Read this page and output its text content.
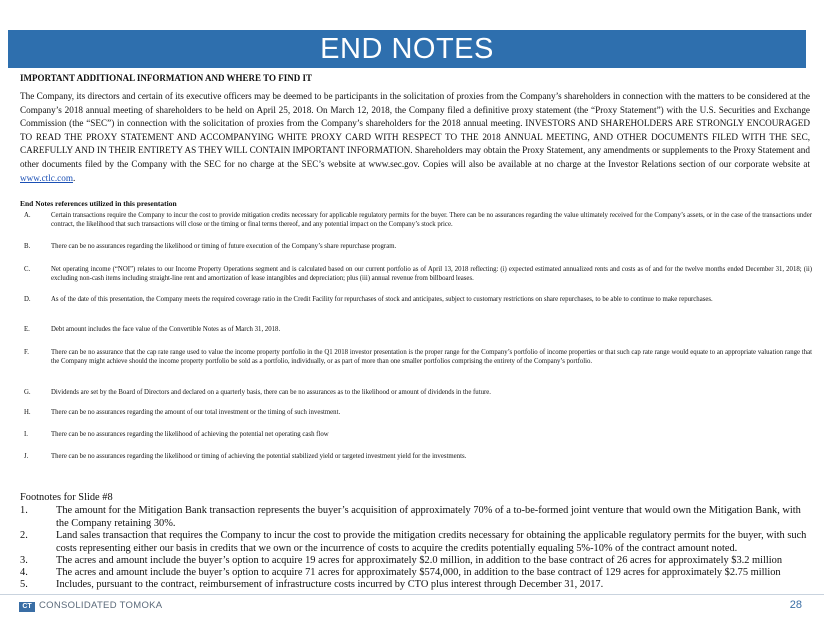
END NOTES
IMPORTANT ADDITIONAL INFORMATION AND WHERE TO FIND IT
The Company, its directors and certain of its executive officers may be deemed to be participants in the solicitation of proxies from the Company’s shareholders in connection with the matters to be considered at the Company’s 2018 annual meeting of shareholders to be held on April 25, 2018. On March 12, 2018, the Company filed a definitive proxy statement (the “Proxy Statement”) with the U.S. Securities and Exchange Commission (the “SEC”) in connection with the solicitation of proxies from the Company’s shareholders for the 2018 annual meeting. INVESTORS AND SHAREHOLDERS ARE STRONGLY ENCOURAGED TO READ THE PROXY STATEMENT AND ACCOMPANYING WHITE PROXY CARD WITH RESPECT TO THE 2018 ANNUAL MEETING, AND OTHER DOCUMENTS FILED WITH THE SEC, CAREFULLY AND IN THEIR ENTIRETY AS THEY WILL CONTAIN IMPORTANT INFORMATION. Shareholders may obtain the Proxy Statement, any amendments or supplements to the Proxy Statement and other documents filed by the Company with the SEC for no charge at the SEC’s website at www.sec.gov. Copies will also be available at no charge at the Investor Relations section of our corporate website at www.ctlc.com.
End Notes references utilized in this presentation
A.	Certain transactions require the Company to incur the cost to provide mitigation credits necessary for applicable regulatory permits for the buyer. There can be no assurances regarding the value ultimately received for the Company’s assets, or in the case of the transactions under contract, the likelihood that such transactions will close or the timing or final terms thereof, and any potential impact on the Company’s stock price.
B.	There can be no assurances regarding the likelihood or timing of future execution of the Company’s share repurchase program.
C.	Net operating income (“NOI”) relates to our Income Property Operations segment and is calculated based on our current portfolio as of April 13, 2018 reflecting: (i) expected estimated annualized rents and costs as of and for the twelve months ended December 31, 2018; (ii) excluding non-cash items including straight-line rent and amortization of lease intangibles and depreciation; plus (iii) annual revenue from billboard leases.
D.	As of the date of this presentation, the Company meets the required coverage ratio in the Credit Facility for repurchases of stock and anticipates, subject to customary restrictions on share repurchases, to be able to continue to make repurchases.
E.	Debt amount includes the face value of the Convertible Notes as of March 31, 2018.
F.	There can be no assurance that the cap rate range used to value the income property portfolio in the Q1 2018 investor presentation is the proper range for the Company’s portfolio of income properties or that such cap rate range would equate to an appropriate valuation range that the Company might achieve should the income property portfolio be sold as a portfolio, individually, or as part of more than one smaller portfolios comprising the entirety of the Company’s portfolio.
G.	Dividends are set by the Board of Directors and declared on a quarterly basis, there can be no assurances as to the likelihood or amount of dividends in the future.
H.	There can be no assurances regarding the amount of our total investment or the timing of such investment.
I.	There can be no assurances regarding the likelihood of achieving the potential net operating cash flow
J.	There can be no assurances regarding the likelihood or timing of achieving the potential stabilized yield or targeted investment yield for the investments.
Footnotes for Slide #8
1.	The amount for the Mitigation Bank transaction represents the buyer’s acquisition of approximately 70% of a to-be-formed joint venture that would own the Mitigation Bank, with the Company retaining 30%.
2.	Land sales transaction that requires the Company to incur the cost to provide the mitigation credits necessary for obtaining the applicable regulatory permits for the buyer, with such costs representing either our basis in credits that we own or the incurrence of costs to acquire the credits potentially equaling 5%-10% of the contract amount noted.
3.	The acres and amount include the buyer’s option to acquire 19 acres for approximately $2.0 million, in addition to the base contract of 26 acres for approximately $3.2 million
4.	The acres and amount include the buyer’s option to acquire 71 acres for approximately $574,000, in addition to the base contract of 129 acres for approximately $2.75 million
5.	Includes, pursuant to the contract, reimbursement of infrastructure costs incurred by CTO plus interest through December 31, 2017.
CT CONSOLIDATED TOMOKA	28
